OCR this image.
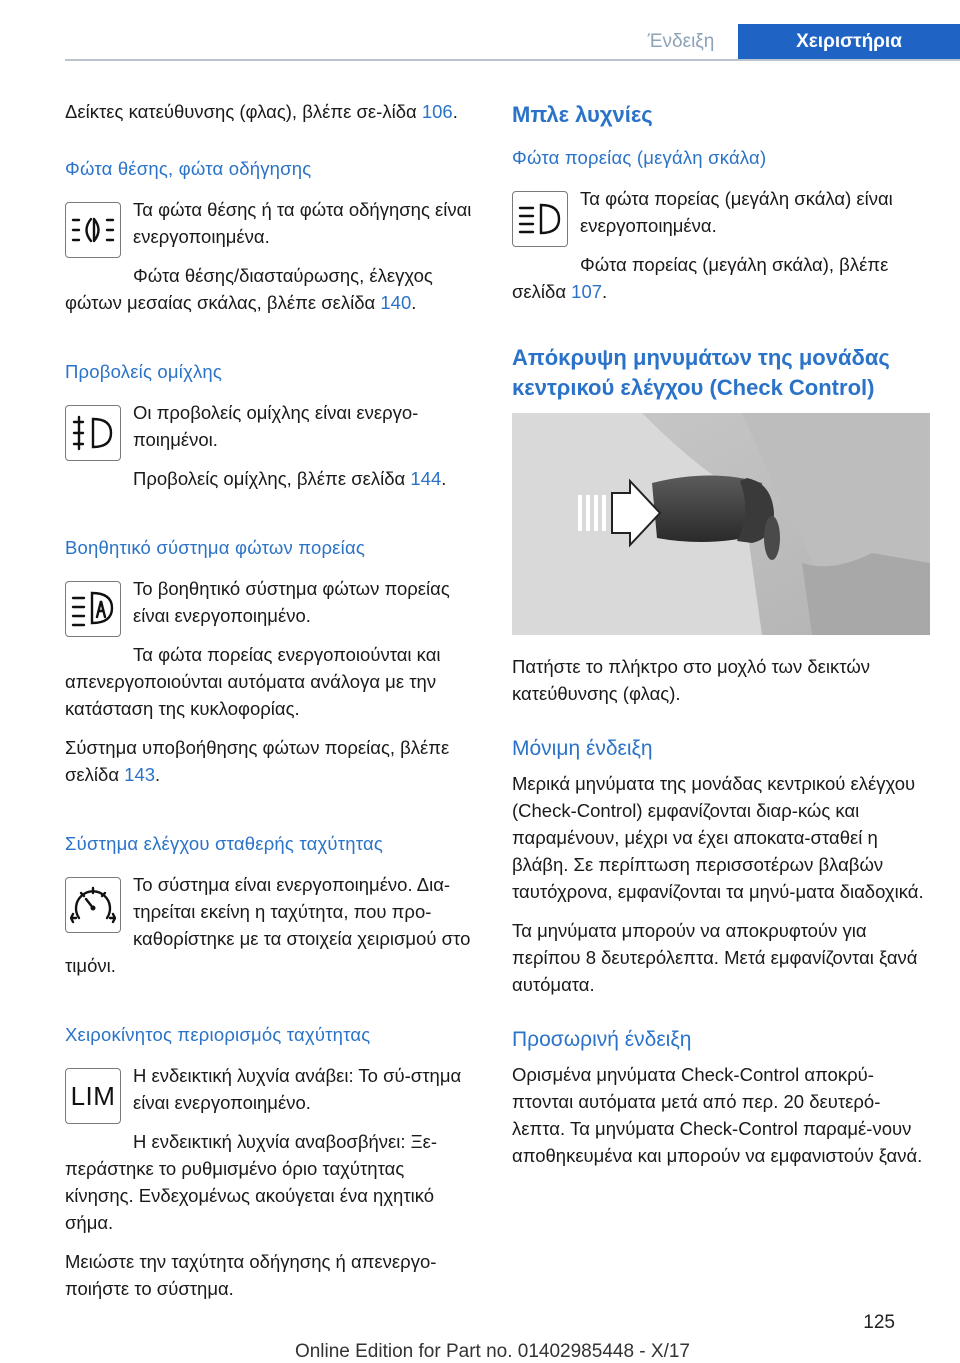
Ένδειξη	Χειριστήρια

Δείκτες κατεύθυνσης (φλας), βλέπε σε-λίδα 106.

Φώτα θέσης, φώτα οδήγησης

Τα φώτα θέσης ή τα φώτα οδήγησης είναι ενεργοποιημένα.

Φώτα θέσης/διασταύρωσης, έλεγχος φώτων μεσαίας σκάλας, βλέπε σελίδα 140.

Προβολείς ομίχλης

Οι προβολείς ομίχλης είναι ενεργο-ποιημένοι.

Προβολείς ομίχλης, βλέπε σελίδα 144.

Βοηθητικό σύστημα φώτων πορείας

Το βοηθητικό σύστημα φώτων πορείας είναι ενεργοποιημένο.

Τα φώτα πορείας ενεργοποιούνται και απενεργοποιούνται αυτόματα ανάλογα με την κατάσταση της κυκλοφορίας.

Σύστημα υποβοήθησης φώτων πορείας, βλέπε σελίδα 143.

Σύστημα ελέγχου σταθερής ταχύτητας

Το σύστημα είναι ενεργοποιημένο. Δια-τηρείται εκείνη η ταχύτητα, που προ-καθορίστηκε με τα στοιχεία χειρισμού στο τιμόνι.

Χειροκίνητος περιορισμός ταχύτητας
LIM

Η ενδεικτική λυχνία ανάβει: Το σύ-στημα είναι ενεργοποιημένο.

Η ενδεικτική λυχνία αναβοσβήνει: Ξε-περάστηκε το ρυθμισμένο όριο ταχύτητας κίνησης. Ενδεχομένως ακούγεται ένα ηχητικό σήμα.

Μειώστε την ταχύτητα οδήγησης ή απενεργο-ποιήστε το σύστημα.

Μπλε λυχνίες
Φώτα πορείας (μεγάλη σκάλα)

Τα φώτα πορείας (μεγάλη σκάλα) είναι ενεργοποιημένα.

Φώτα πορείας (μεγάλη σκάλα), βλέπε σελίδα 107.

Απόκρυψη μηνυμάτων της μονάδας κεντρικού ελέγχου (Check Control)

Πατήστε το πλήκτρο στο μοχλό των δεικτών κατεύθυνσης (φλας).

Μόνιμη ένδειξη

Μερικά μηνύματα της μονάδας κεντρικού ελέγχου (Check-Control) εμφανίζονται διαρ-κώς και παραμένουν, μέχρι να έχει αποκατα-σταθεί η βλάβη. Σε περίπτωση περισσοτέρων βλαβών ταυτόχρονα, εμφανίζονται τα μηνύ-ματα διαδοχικά.

Τα μηνύματα μπορούν να αποκρυφτούν για περίπου 8 δευτερόλεπτα. Μετά εμφανίζονται ξανά αυτόματα.

Προσωρινή ένδειξη

Ορισμένα μηνύματα Check-Control αποκρύ-πτονται αυτόματα μετά από περ. 20 δευτερό-λεπτα. Τα μηνύματα Check-Control παραμέ-νουν αποθηκευμένα και μπορούν να εμφανιστούν ξανά.

125
Online Edition for Part no. 01402985448 - X/17
